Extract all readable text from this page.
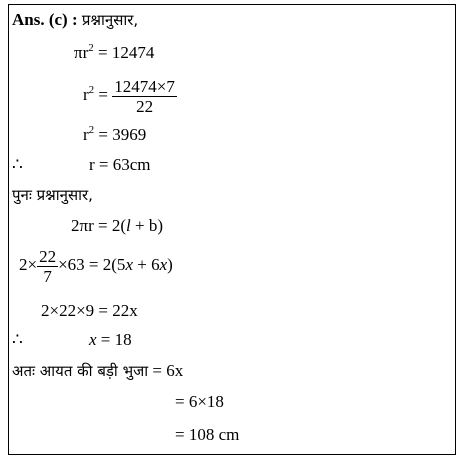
Ans. (c) : प्रश्नानुसार,
$\pi r^2 = 12474$
$r^2 = \frac{12474\times 7}{22}$
$r^2 = 3969$
∴	r = 63cm
पुनः प्रश्नानुसार,
2πr = 2(l + b)
$2\times \frac{22}{7} \times 63 = 2(5x + 6x)$
2×22×9 = 22x
∴	x = 18
अतः आयत की बड़ी भुजा = 6x
= 6×18
= 108 cm
